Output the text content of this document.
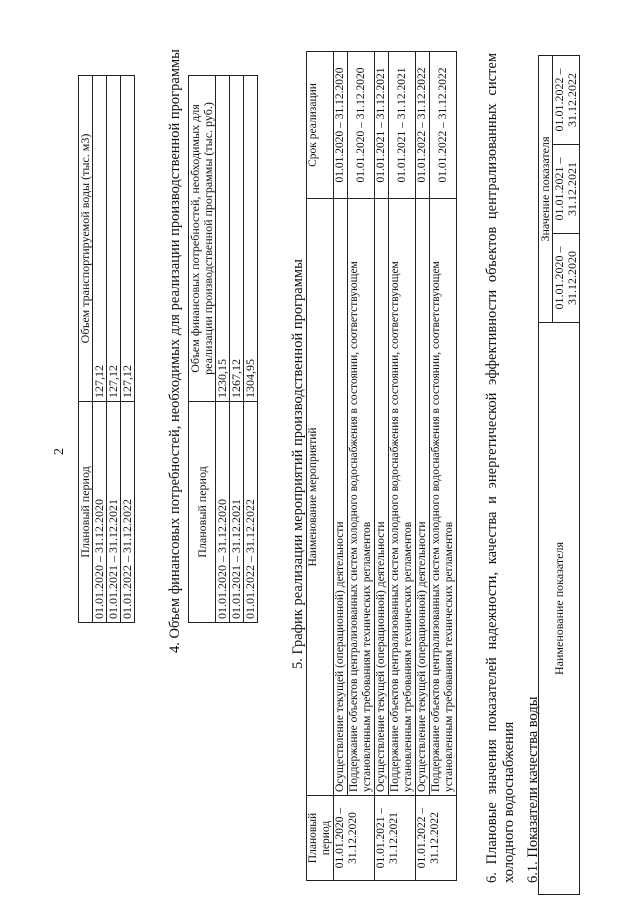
2
Плановый период	Объем транспортируемой воды (тыс. м3)
01.01.2020 – 31.12.2020	127,12
01.01.2021 – 31.12.2021	127,12
01.01.2022 – 31.12.2022	127,12 4. Объем финансовых потребностей, необходимых для реализации производственной программы Плановый период	Объем финансовых потребностей, необходимых для реализации производственной программы (тыс. руб.)
01.01.2020 – 31.12.2020	1230,15
01.01.2021 – 31.12.2021	1267,12
01.01.2022 – 31.12.2022	1304,95 5. График реализации мероприятий производственной программы
Плановый период	Наименование мероприятий	Срок реализации
01.01.2020 – 31.12.2020	Осуществление текущей (операционной) деятельности	01.01.2020 – 31.12.2020
	Поддержание объектов централизованных систем холодного водоснабжения в состоянии, соответствующем установленным требованиям технических регламентов	01.01.2020 – 31.12.2020
01.01.2021 – 31.12.2021	Осуществление текущей (операционной) деятельности	01.01.2021 – 31.12.2021
	Поддержание объектов централизованных систем холодного водоснабжения в состоянии, соответствующем установленным требованиям технических регламентов	01.01.2021 – 31.12.2021
01.01.2022 – 31.12.2022	Осуществление текущей (операционной) деятельности	01.01.2022 – 31.12.2022
	Поддержание объектов централизованных систем холодного водоснабжения в состоянии, соответствующем установленным требованиям технических регламентов	01.01.2022 – 31.12.2022 6. Плановые значения показателей надежности, качества и энергетической эффективности объектов централизованных систем холодного водоснабжения 6.1. Показатели качества воды
Наименование показателя	Значение показателя		
	01.01.2020 – 31.12.2020	01.01.2021 – 31.12.2021	01.01.2022 – 31.12.2022
